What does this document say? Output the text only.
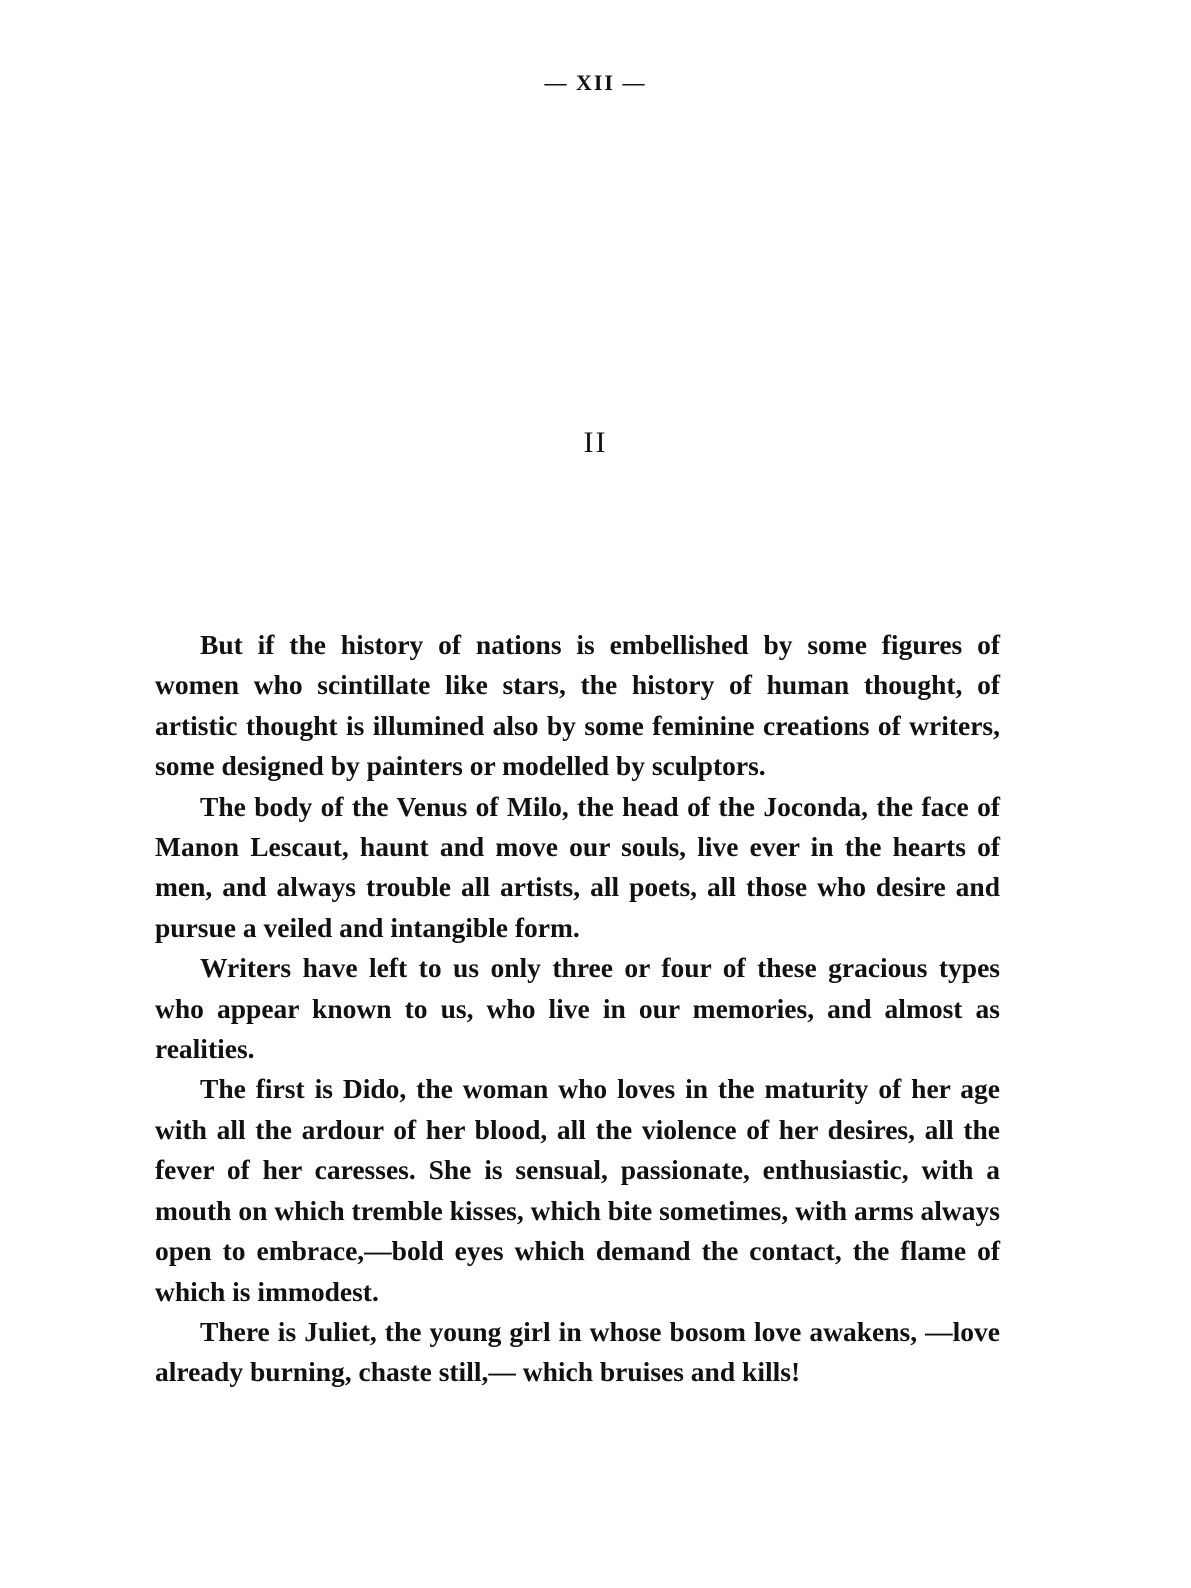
— XII —
II

But if the history of nations is embellished by some figures of women who scintillate like stars, the history of human thought, of artistic thought is illumined also by some feminine creations of writers, some designed by painters or modelled by sculptors.

The body of the Venus of Milo, the head of the Joconda, the face of Manon Lescaut, haunt and move our souls, live ever in the hearts of men, and always trouble all artists, all poets, all those who desire and pursue a veiled and intangible form.

Writers have left to us only three or four of these gracious types who appear known to us, who live in our memories, and almost as realities.

The first is Dido, the woman who loves in the maturity of her age with all the ardour of her blood, all the violence of her desires, all the fever of her caresses. She is sensual, passionate, enthusiastic, with a mouth on which tremble kisses, which bite sometimes, with arms always open to embrace,—bold eyes which demand the contact, the flame of which is immodest.

There is Juliet, the young girl in whose bosom love awakens, —love already burning, chaste still,— which bruises and kills!
